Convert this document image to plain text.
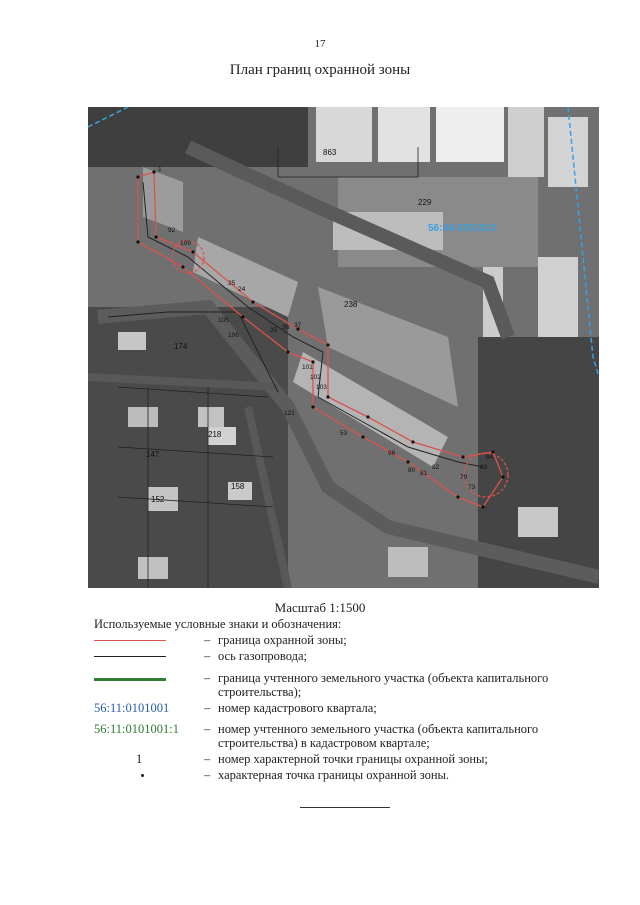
17
План границ охранной зоны
863
229
238
174
218
158
152
147
56:44:0201013
1
105
106
109
25
24
73
79
83
84
96
80 81
82
121
101
102
103
35 36 37
53
92
Масштаб 1:1500
Используемые условные знаки и обозначения:
– граница охранной зоны;
– ось газопровода;
– граница учтенного земельного участка (объекта капитального строительства);
56:11:0101001	– номер кадастрового квартала;
56:11:0101001:1	– номер учтенного земельного участка (объекта капитального строительства) в кадастровом квартале;
1	– номер характерной точки границы охранной зоны;
– характерная точка границы охранной зоны.
